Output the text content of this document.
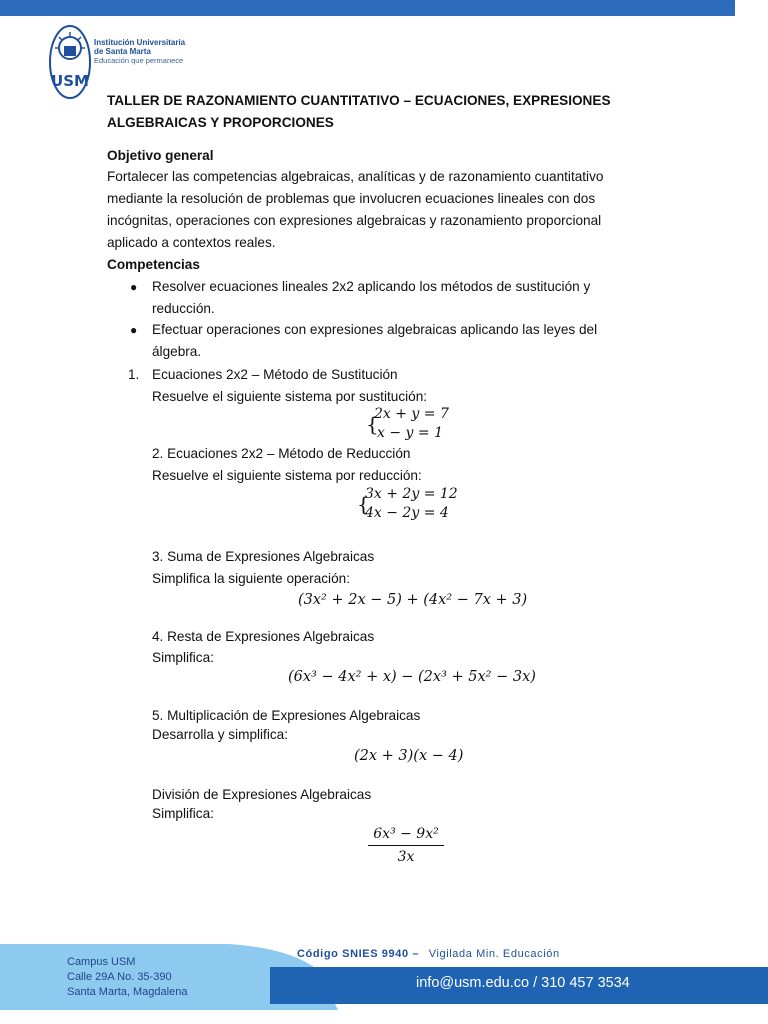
USM
Institución Universitaria
de Santa Marta
Educación que permanece
TALLER DE RAZONAMIENTO CUANTITATIVO – ECUACIONES, EXPRESIONES ALGEBRAICAS Y PROPORCIONES
Objetivo general
Fortalecer las competencias algebraicas, analíticas y de razonamiento cuantitativo
mediante la resolución de problemas que involucren ecuaciones lineales con dos
incógnitas, operaciones con expresiones algebraicas y razonamiento proporcional
aplicado a contextos reales.
Competencias
● Resolver ecuaciones lineales 2x2 aplicando los métodos de sustitución y
reducción.
● Efectuar operaciones con expresiones algebraicas aplicando las leyes del
álgebra.
1. Ecuaciones 2x2 – Método de Sustitución
Resuelve el siguiente sistema por sustitución:
{
2x + y = 7
x − y = 1
2. Ecuaciones 2x2 – Método de Reducción
Resuelve el siguiente sistema por reducción:
{
3x + 2y = 12
4x − 2y = 4
3. Suma de Expresiones Algebraicas
Simplifica la siguiente operación:
(3x² + 2x − 5) + (4x² − 7x + 3)
4. Resta de Expresiones Algebraicas
Simplifica:
(6x³ − 4x² + x) − (2x³ + 5x² − 3x)
5. Multiplicación de Expresiones Algebraicas
Desarrolla y simplifica:
(2x + 3)(x − 4)
División de Expresiones Algebraicas
Simplifica:
6x³ − 9x²
3x
Campus USM
Calle 29A No. 35-390
Santa Marta, Magdalena
Código SNIES 9940 – Vigilada Min. Educación
info@usm.edu.co / 310 457 3534
